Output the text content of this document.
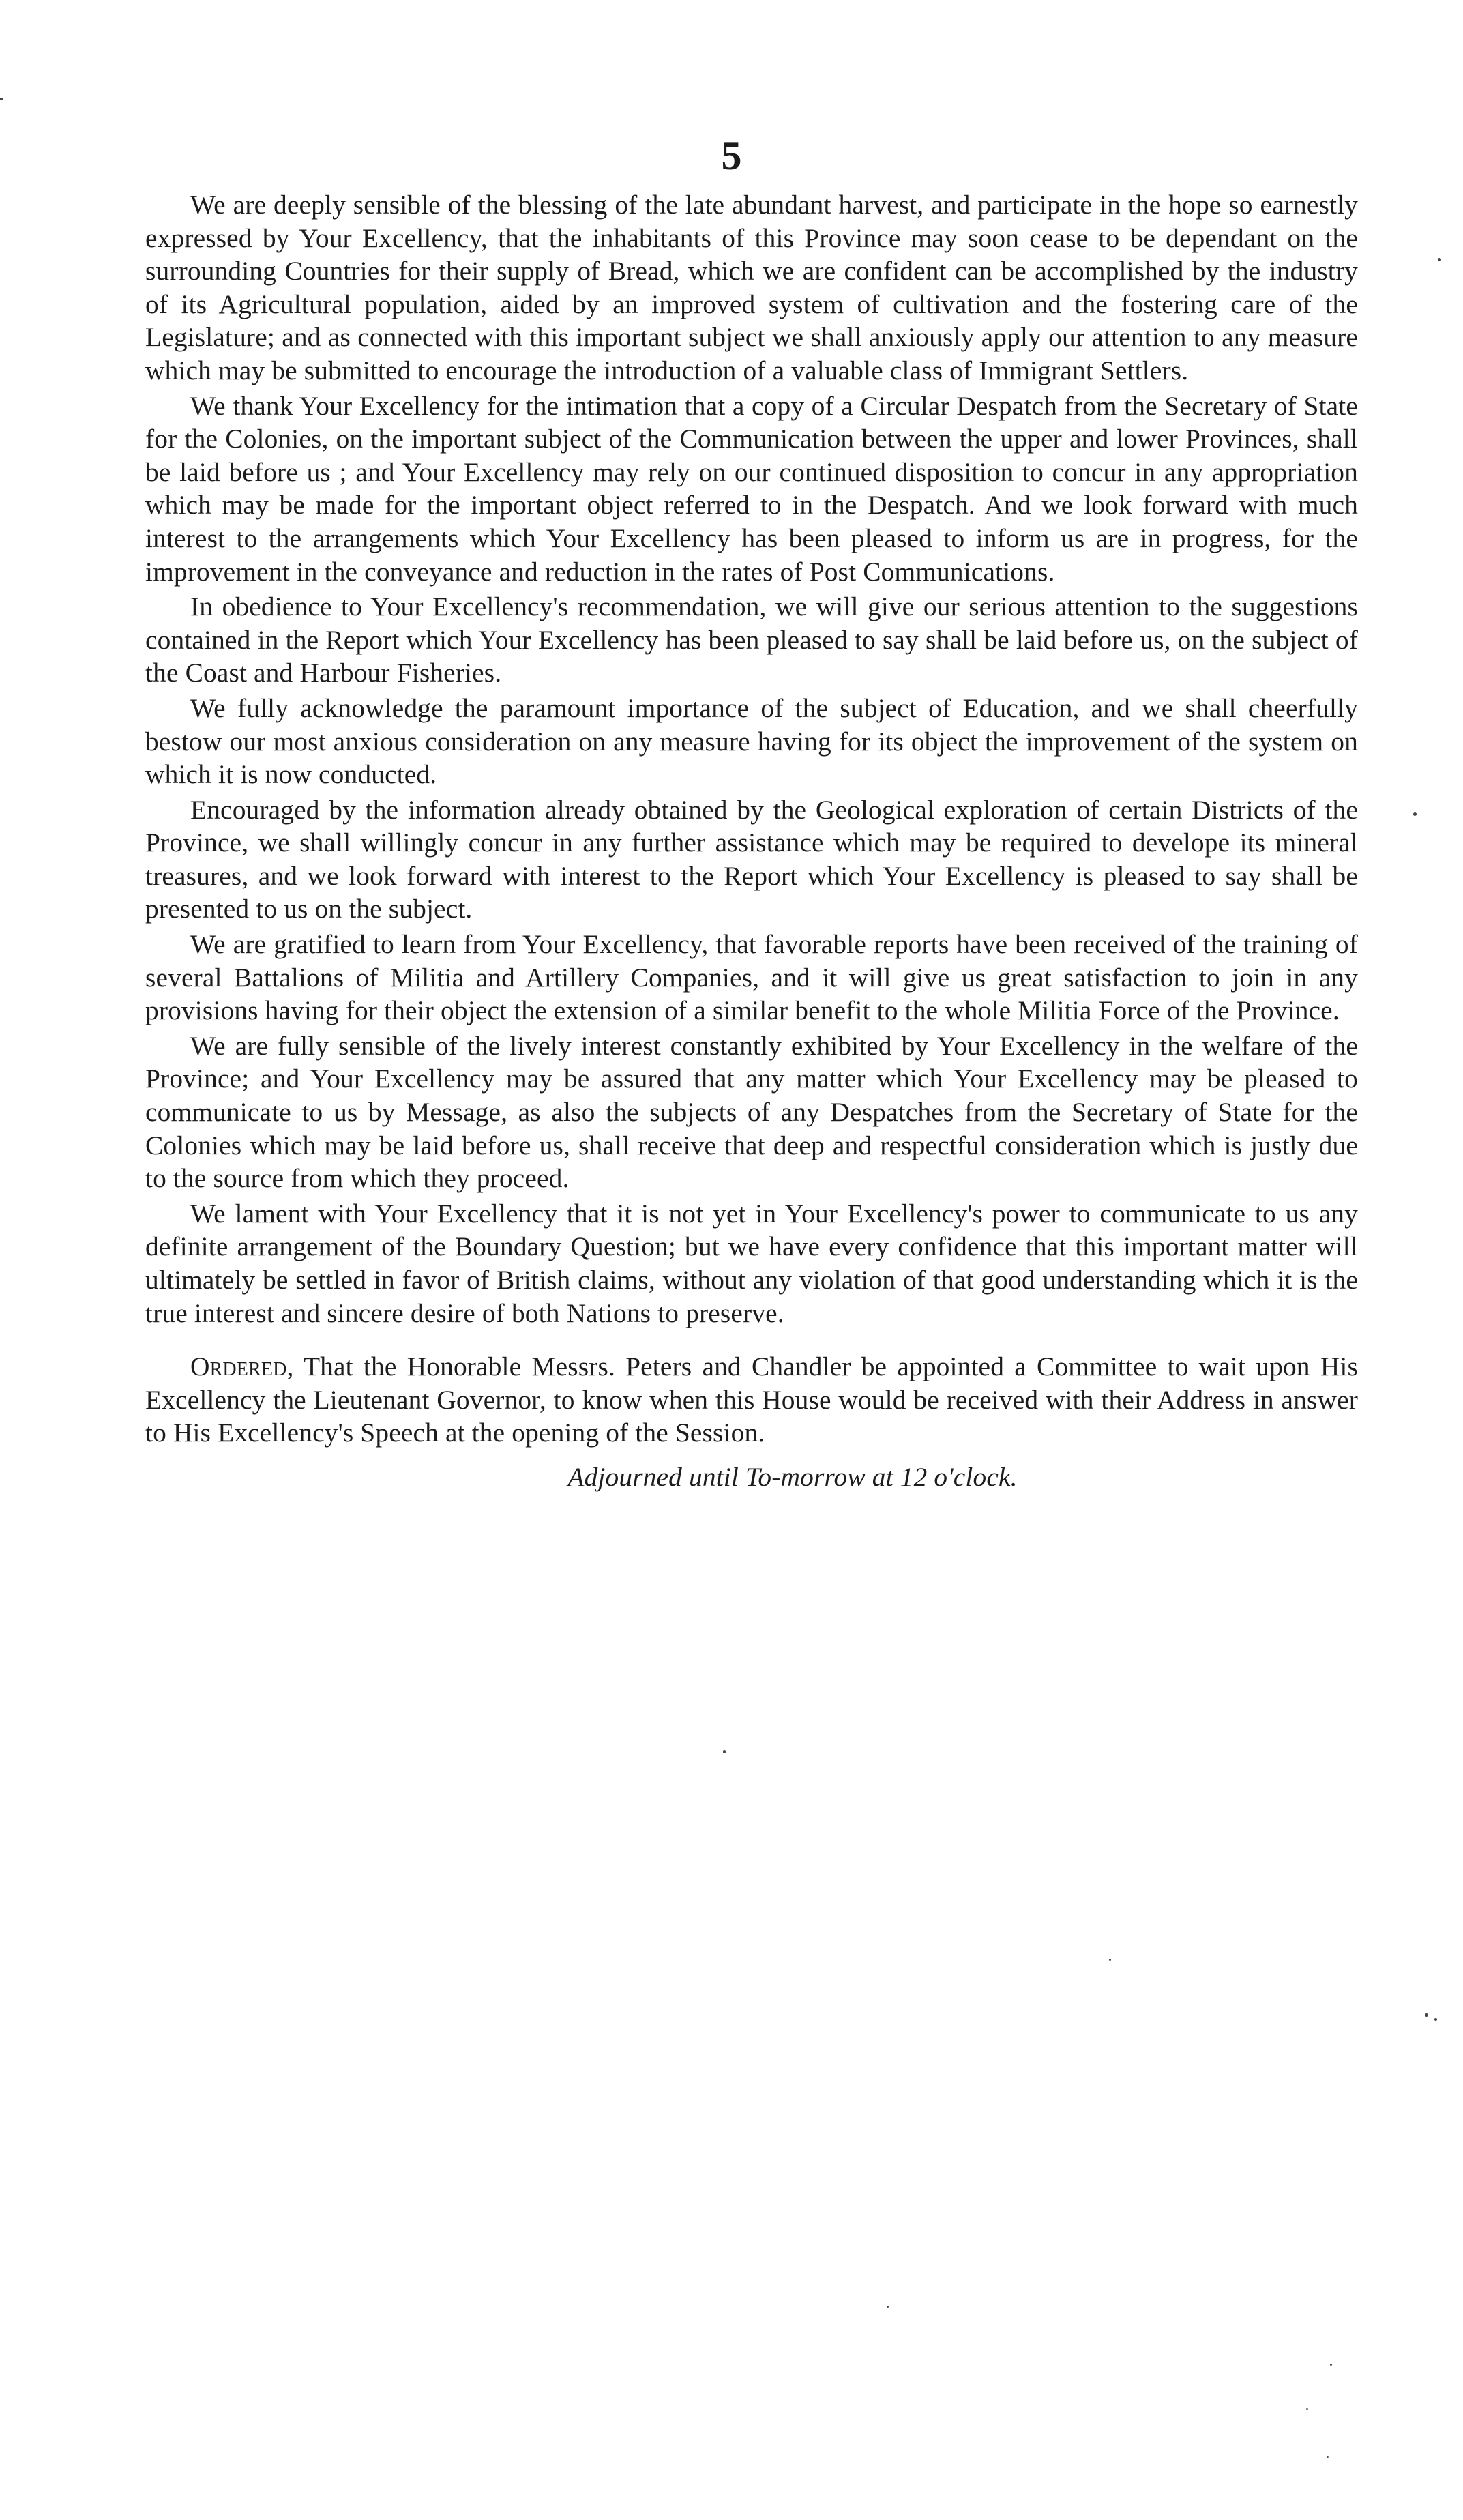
5

We are deeply sensible of the blessing of the late abundant harvest, and participate in the hope so earnestly expressed by Your Excellency, that the inhabitants of this Province may soon cease to be dependant on the surrounding Countries for their supply of Bread, which we are confident can be accomplished by the industry of its Agricultural population, aided by an improved system of cultivation and the fostering care of the Legislature; and as connected with this important subject we shall anxiously apply our attention to any measure which may be submitted to encourage the introduction of a valuable class of Immigrant Settlers.

We thank Your Excellency for the intimation that a copy of a Circular Despatch from the Secretary of State for the Colonies, on the important subject of the Communication between the upper and lower Provinces, shall be laid before us ; and Your Excellency may rely on our continued disposition to concur in any appropriation which may be made for the important object referred to in the Despatch. And we look forward with much interest to the arrangements which Your Excellency has been pleased to inform us are in progress, for the improvement in the conveyance and reduction in the rates of Post Communications.

In obedience to Your Excellency's recommendation, we will give our serious attention to the suggestions contained in the Report which Your Excellency has been pleased to say shall be laid before us, on the subject of the Coast and Harbour Fisheries.

We fully acknowledge the paramount importance of the subject of Education, and we shall cheerfully bestow our most anxious consideration on any measure having for its object the improvement of the system on which it is now conducted.

Encouraged by the information already obtained by the Geological exploration of certain Districts of the Province, we shall willingly concur in any further assistance which may be required to develope its mineral treasures, and we look forward with interest to the Report which Your Excellency is pleased to say shall be presented to us on the subject.

We are gratified to learn from Your Excellency, that favorable reports have been received of the training of several Battalions of Militia and Artillery Companies, and it will give us great satisfaction to join in any provisions having for their object the extension of a similar benefit to the whole Militia Force of the Province.

We are fully sensible of the lively interest constantly exhibited by Your Excellency in the welfare of the Province; and Your Excellency may be assured that any matter which Your Excellency may be pleased to communicate to us by Message, as also the subjects of any Despatches from the Secretary of State for the Colonies which may be laid before us, shall receive that deep and respectful consideration which is justly due to the source from which they proceed.

We lament with Your Excellency that it is not yet in Your Excellency's power to communicate to us any definite arrangement of the Boundary Question; but we have every confidence that this important matter will ultimately be settled in favor of British claims, without any violation of that good understanding which it is the true interest and sincere desire of both Nations to preserve.

Ordered, That the Honorable Messrs. Peters and Chandler be appointed a Committee to wait upon His Excellency the Lieutenant Governor, to know when this House would be received with their Address in answer to His Excellency's Speech at the opening of the Session.

Adjourned until To-morrow at 12 o'clock.
